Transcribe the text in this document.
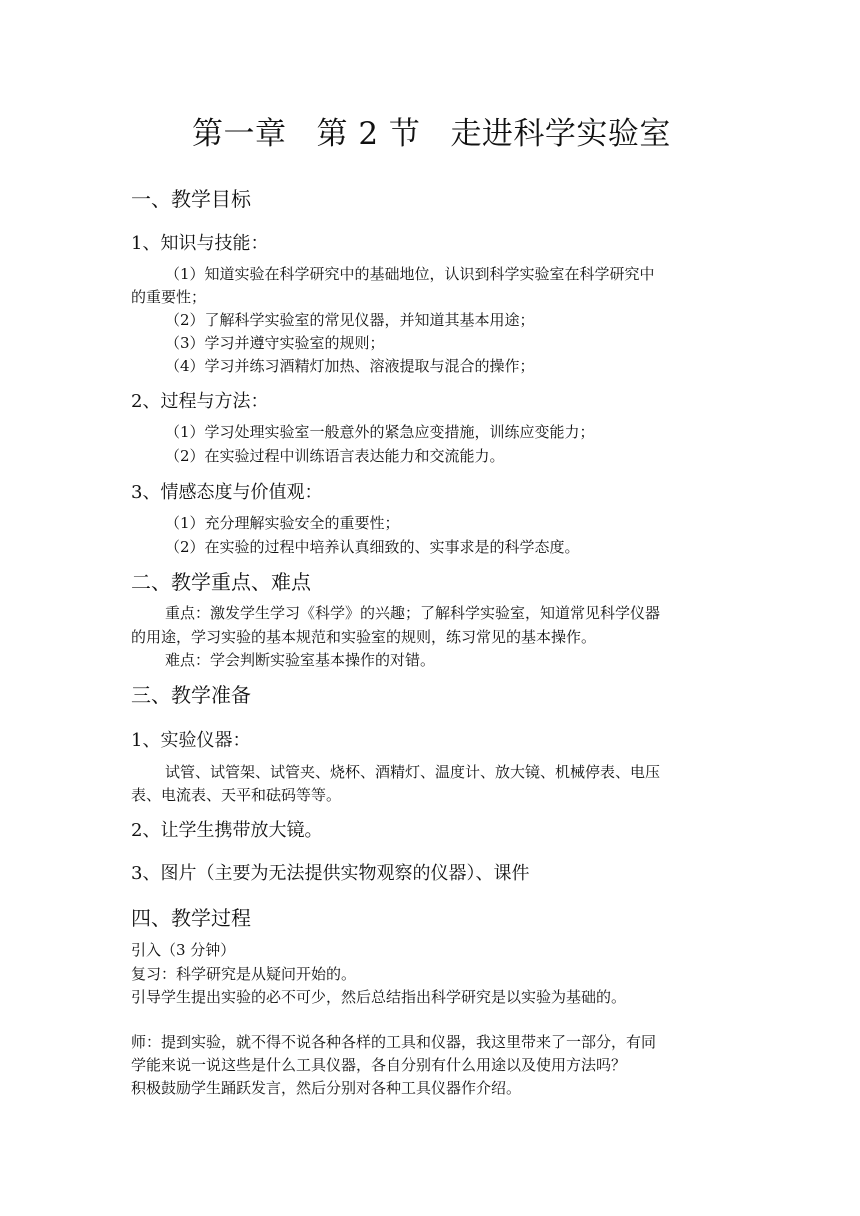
第一章 第 2 节 走进科学实验室
一、教学目标
1、知识与技能：
（1）知道实验在科学研究中的基础地位，认识到科学实验室在科学研究中
的重要性；
（2）了解科学实验室的常见仪器，并知道其基本用途；
（3）学习并遵守实验室的规则；
（4）学习并练习酒精灯加热、溶液提取与混合的操作；
2、过程与方法：
（1）学习处理实验室一般意外的紧急应变措施，训练应变能力；
（2）在实验过程中训练语言表达能力和交流能力。
3、情感态度与价值观：
（1）充分理解实验安全的重要性；
（2）在实验的过程中培养认真细致的、实事求是的科学态度。
二、教学重点、难点
重点：激发学生学习《科学》的兴趣；了解科学实验室，知道常见科学仪器
的用途，学习实验的基本规范和实验室的规则，练习常见的基本操作。
难点：学会判断实验室基本操作的对错。
三、教学准备
1、实验仪器：
试管、试管架、试管夹、烧杯、酒精灯、温度计、放大镜、机械停表、电压
表、电流表、天平和砝码等等。
2、让学生携带放大镜。
3、图片（主要为无法提供实物观察的仪器）、课件
四、教学过程
引入（3 分钟）
复习：科学研究是从疑问开始的。
引导学生提出实验的必不可少，然后总结指出科学研究是以实验为基础的。
师：提到实验，就不得不说各种各样的工具和仪器，我这里带来了一部分，有同
学能来说一说这些是什么工具仪器，各自分别有什么用途以及使用方法吗？
积极鼓励学生踊跃发言，然后分别对各种工具仪器作介绍。
